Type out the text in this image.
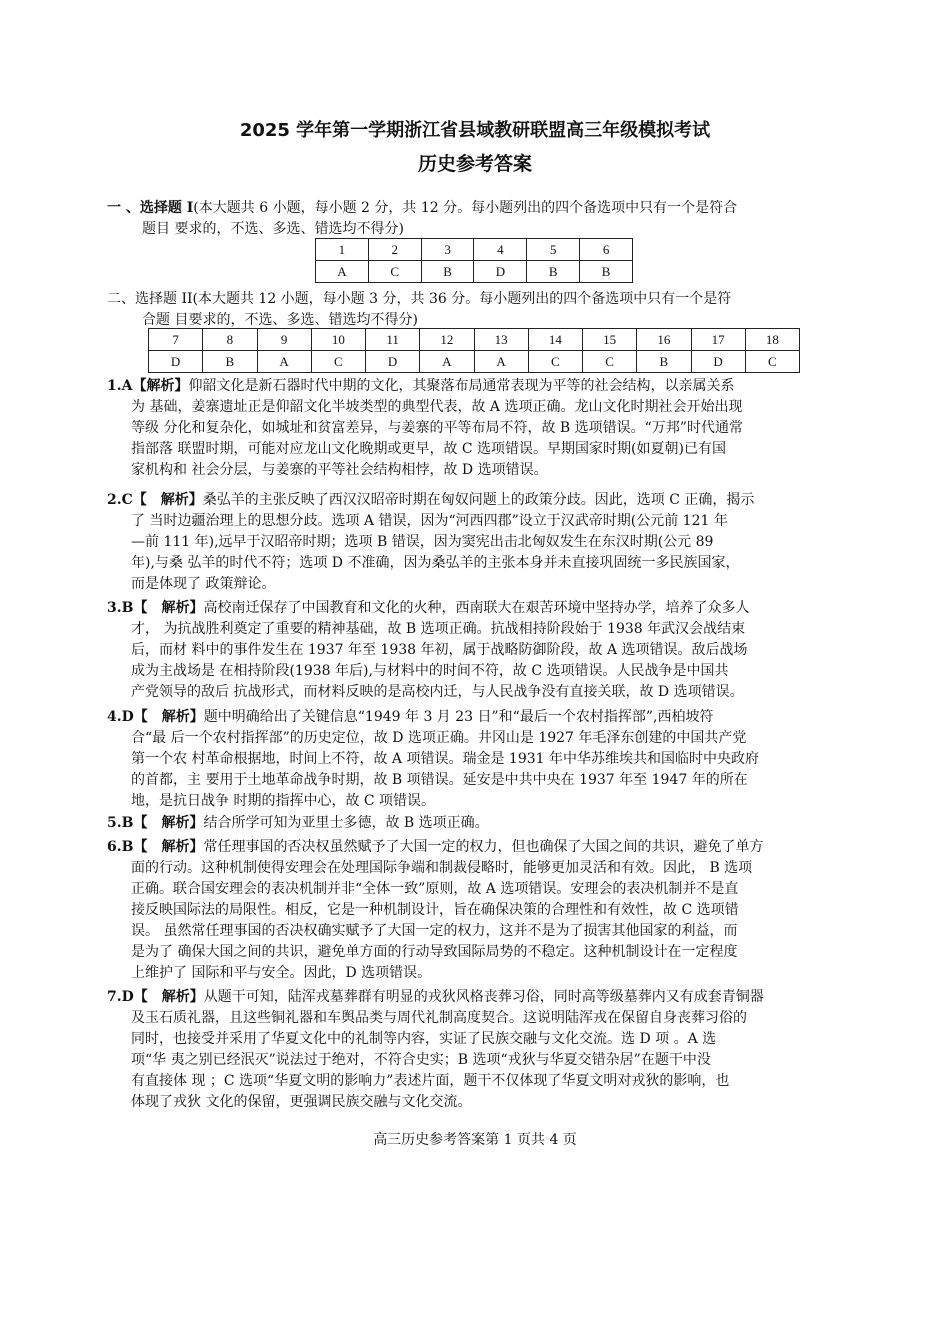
2025 学年第一学期浙江省县域教研联盟高三年级模拟考试
历史参考答案
一 、选择题 I(本大题共 6 小题，每小题 2 分，共 12 分。每小题列出的四个备选项中只有一个是符合
题目 要求的，不选、多选、错选均不得分)
1	2	3	4	5	6
A	C	B	D	B	B
二、选择题 II(本大题共 12 小题，每小题 3 分，共 36 分。每小题列出的四个备选项中只有一个是符
合题 目要求的，不选、多选、错选均不得分)
7	8	9	10	11	12	13	14	15	16	17	18
D	B	A	C	D	A	A	C	C	B	D	C
1.A【解析】仰韶文化是新石器时代中期的文化，其聚落布局通常表现为平等的社会结构，以亲属关系
为 基础，姜寨遗址正是仰韶文化半坡类型的典型代表，故 A 选项正确。龙山文化时期社会开始出现
等级 分化和复杂化，如城址和贫富差异，与姜寨的平等布局不符，故 B 选项错误。“万邦”时代通常
指部落 联盟时期，可能对应龙山文化晚期或更早，故 C 选项错误。早期国家时期(如夏朝)已有国
家机构和 社会分层，与姜寨的平等社会结构相悖，故 D 选项错误。
2.C【　解析】桑弘羊的主张反映了西汉汉昭帝时期在匈奴问题上的政策分歧。因此，选项 C 正确，揭示
了 当时边疆治理上的思想分歧。选项 A 错误，因为“河西四郡”设立于汉武帝时期(公元前 121 年
—前 111 年),远早于汉昭帝时期；选项 B 错误，因为窦宪出击北匈奴发生在东汉时期(公元 89
年),与桑 弘羊的时代不符；选项 D 不准确，因为桑弘羊的主张本身并未直接巩固统一多民族国家，
而是体现了 政策辩论。
3.B【　解析】高校南迁保存了中国教育和文化的火种，西南联大在艰苦环境中坚持办学，培养了众多人
才， 为抗战胜利奠定了重要的精神基础，故 B 选项正确。抗战相持阶段始于 1938 年武汉会战结束
后，而材 料中的事件发生在 1937 年至 1938 年初，属于战略防御阶段，故 A 选项错误。敌后战场
成为主战场是 在相持阶段(1938 年后),与材料中的时间不符，故 C 选项错误。人民战争是中国共
产党领导的敌后 抗战形式，而材料反映的是高校内迁，与人民战争没有直接关联，故 D 选项错误。
4.D【　解析】题中明确给出了关键信息“1949 年 3 月 23 日”和“最后一个农村指挥部”,西柏坡符
合“最 后一个农村指挥部”的历史定位，故 D 选项正确。井冈山是 1927 年毛泽东创建的中国共产党
第一个农 村革命根据地，时间上不符，故 A 项错误。瑞金是 1931 年中华苏维埃共和国临时中央政府
的首都，主 要用于土地革命战争时期，故 B 项错误。延安是中共中央在 1937 年至 1947 年的所在
地，是抗日战争 时期的指挥中心，故 C 项错误。
5.B【　解析】结合所学可知为亚里士多德，故 B 选项正确。
6.B【　解析】常任理事国的否决权虽然赋予了大国一定的权力，但也确保了大国之间的共识，避免了单方
面的行动。这种机制使得安理会在处理国际争端和制裁侵略时，能够更加灵活和有效。因此， B 选项
正确。联合国安理会的表决机制并非“全体一致”原则，故 A 选项错误。安理会的表决机制并不是直
接反映国际法的局限性。相反，它是一种机制设计，旨在确保决策的合理性和有效性，故 C 选项错
误。 虽然常任理事国的否决权确实赋予了大国一定的权力，这并不是为了损害其他国家的利益，而
是为了 确保大国之间的共识，避免单方面的行动导致国际局势的不稳定。这种机制设计在一定程度
上维护了 国际和平与安全。因此，D 选项错误。
7.D【　解析】从题干可知，陆浑戎墓葬群有明显的戎狄风格丧葬习俗，同时高等级墓葬内又有成套青铜器
及玉石质礼器，且这些铜礼器和车舆品类与周代礼制高度契合。这说明陆浑戎在保留自身丧葬习俗的
同时，也接受并采用了华夏文化中的礼制等内容，实证了民族交融与文化交流。选 D 项 。A 选
项“华 夷之别已经泯灭”说法过于绝对，不符合史实；B 选项“戎狄与华夏交错杂居”在题干中没
有直接体 现 ；C 选项“华夏文明的影响力”表述片面，题干不仅体现了华夏文明对戎狄的影响，也
体现了戎狄 文化的保留，更强调民族交融与文化交流。
高三历史参考答案第 1 页共 4 页
